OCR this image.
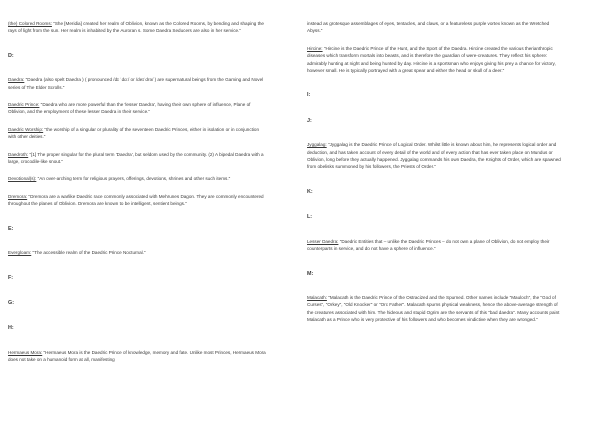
(the) Colored Rooms: "She [Meridia] created her realm of Oblivion, known as the Colored Rooms, by bending and shaping the rays of light from the sun. Her realm is inhabited by the Auroran s. Some Daedra Seducers are also in her service."

D:

Daedra: "Daedra (also spelt Daedra ) ( pronounced /dɪ ˈdɑː/ or /deɪˈdrə/ ) are supernatural beings from the Gaming and Novel series of The Elder Scrolls."

Daedric Prince: "Daedra who are more powerful than the 'lesser Daedra', having their own sphere of influence, Plane of Oblivion, and the employment of these lesser Daedra in their service."

Daedric Worship: "the worship of a singular or plurality of the seventeen Daedric Princes, either in isolation or in conjunction with other deities."

Daedroth: "[1] The proper singular for the plural term 'Daedra', but seldom used by the community. (2) A bipedal Daedra with a large, crocodile-like snout."

Devotional(s): "An over-arching term for religious prayers, offerings, devotions, shrines and other such items."

Dremora: "Dremora are a warlike Daedric race commonly associated with Mehrunes Dagon. They are commonly encountered throughout the planes of Oblivion. Dremora are known to be intelligent, sentient beings."

E:

Evergloam: "The accessible realm of the Daedric Prince Nocturnal."

F:
G:
H:

Hermaeus Mora: "Hermaeus Mora is the Daedric Prince of knowledge, memory and fate. Unlike most Princes, Hermaeus Mora does not take on a humanoid form at all, manifesting

instead as grotesque assemblages of eyes, tentacles, and claws, or a featureless purple vortex known as the Wretched Abyss."

Hircine: "Hircine is the Daedric Prince of the Hunt, and the Sport of the Daedra. Hircine created the various therianthropic diseases which transform mortals into beasts, and is therefore the guardian of were-creatures. They reflect his sphere: admirably hunting at night and being hunted by day. Hircine is a sportsman who enjoys giving his prey a chance for victory, however small. He is typically portrayed with a great spear and either the head or skull of a deer."

I:
J:

Jyggalag: "Jyggalag is the Daedric Prince of Logical Order. Whilst little is known about him, he represents logical order and deduction, and has taken account of every detail of the world and of every action that has ever taken place on Mundus or Oblivion, long before they actually happened. Jyggalag commands his own Daedra, the Knights of Order, which are spawned from obelisks summoned by his followers, the Priests of Order."

K:
L:

Lesser Daedra: "Daedric Entities that – unlike the Daedric Princes – do not own a plane of Oblivion, do not employ their counterparts in service, and do not have a sphere of influence."

M:

Malacath: "Malacath is the Daedric Prince of the Ostracized and the Spurned. Other names include "Mauloch", the "God of Curses", "Orkey", "Old Knocker" or "Orc Father". Malacath spurns physical weakness, hence the above-average strength of the creatures associated with him. The hideous and stupid Ogrim are the servants of this "bad daedra". Many accounts paint Malacath as a Prince who is very protective of his followers and who becomes vindictive when they are wronged."
